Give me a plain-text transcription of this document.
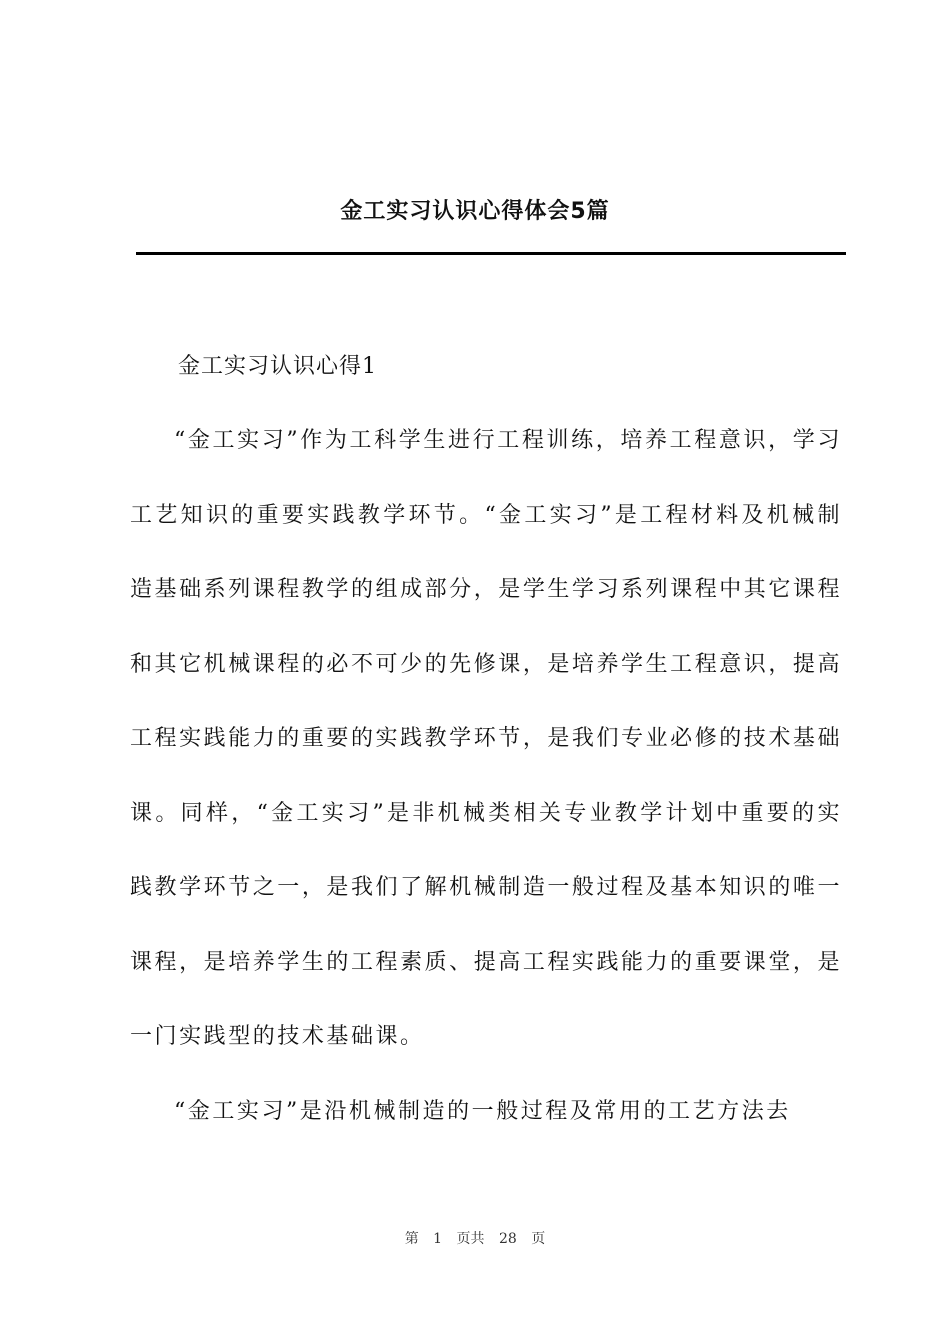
金工实习认识心得体会5篇

金工实习认识心得1

“金工实习”作为工科学生进行工程训练，培养工程意识，学习工艺知识的重要实践教学环节。“金工实习”是工程材料及机械制造基础系列课程教学的组成部分，是学生学习系列课程中其它课程和其它机械课程的必不可少的先修课，是培养学生工程意识，提高工程实践能力的重要的实践教学环节，是我们专业必修的技术基础课。同样，“金工实习”是非机械类相关专业教学计划中重要的实践教学环节之一，是我们了解机械制造一般过程及基本知识的唯一课程，是培养学生的工程素质、提高工程实践能力的重要课堂，是一门实践型的技术基础课。

“金工实习”是沿机械制造的一般过程及常用的工艺方法去

第 1 页共 28 页
